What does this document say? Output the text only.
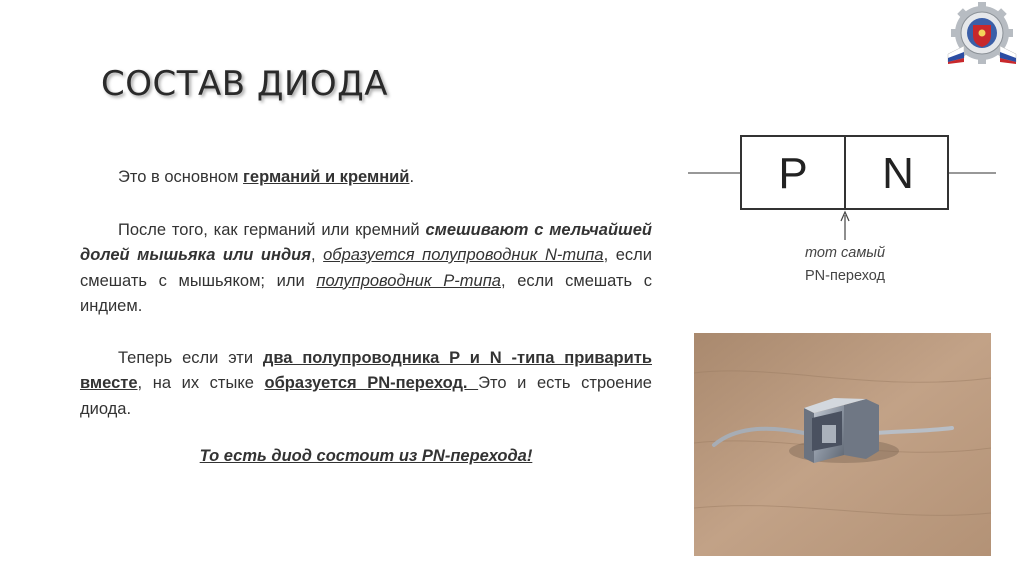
СОСТАВ ДИОДА

Это в основном германий и кремний.

После того, как германий или кремний смешивают с мельчайшей долей мышьяка или индия, образуется полупроводник N-типа, если смешать с мышьяком; или полупроводник P-типа, если смешать с индием.

Теперь если эти два полупроводника P и N -типа приварить вместе, на их стыке образуется PN-переход. Это и есть строение диода.

То есть диод состоит из PN-перехода!

P N
тот самый
PN-переход
